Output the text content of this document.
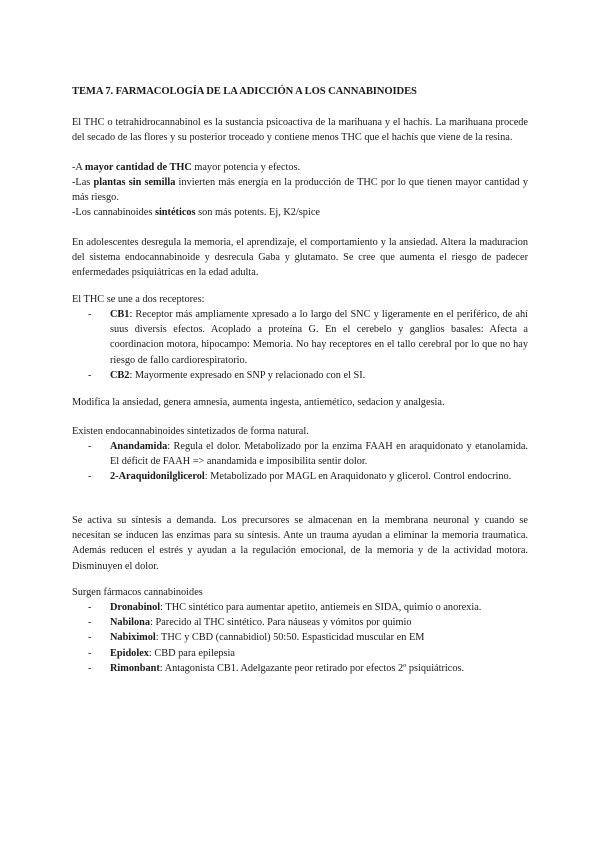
TEMA 7. FARMACOLOGÍA DE LA ADICCIÓN A LOS CANNABINOIDES

El THC o tetrahidrocannabinol es la sustancia psicoactiva de la marihuana y el hachís. La marihuana procede del secado de las flores y su posterior troceado y contiene menos THC que el hachís que viene de la resina.

-A mayor cantidad de THC mayor potencia y efectos.
-Las plantas sin semilla invierten más energía en la producción de THC por lo que tienen mayor cantidad y más riesgo.
-Los cannabinoides sintéticos son más potents. Ej, K2/spice

En adolescentes desregula la memoria, el aprendizaje, el comportamiento y la ansiedad. Altera la maduracion del sistema endocannabinoide y desrecula Gaba y glutamato. Se cree que aumenta el riesgo de padecer enfermedades psiquiátricas en la edad adulta.

El THC se une a dos receptores:
- CB1: Receptor más ampliamente xpresado a lo largo del SNC y ligeramente en el periférico, de ahí suus diversis efectos. Acoplado a proteína G. En el cerebelo y ganglios basales: Afecta a coordinacion motora, hipocampo: Memoria. No hay receptores en el tallo cerebral por lo que no hay riesgo de fallo cardiorespiratorio.
- CB2: Mayormente expresado en SNP y relacionado con el SI.

Modifica la ansiedad, genera amnesia, aumenta ingesta, antiemético, sedacion y analgesia.

Existen endocannabinoides sintetizados de forma natural.
- Anandamida: Regula el dolor. Metabolizado por la enzima FAAH en araquidonato y etanolamida. El déficit de FAAH => anandamida e imposibilita sentir dolor.
- 2-Araquidonilglicerol: Metabolizado por MAGL en Araquidonato y glicerol. Control endocrino.

Se activa su síntesis a demanda. Los precursores se almacenan en la membrana neuronal y cuando se necesitan se inducen las enzimas para su síntesis. Ante un trauma ayudan a eliminar la memoria traumatica. Además reducen el estrés y ayudan a la regulación emocional, de la memoria y de la actividad motora. Disminuyen el dolor.

Surgen fármacos cannabinoides
- Dronabinol: THC sintético para aumentar apetito, antiemeis en SIDA, quimio o anorexia.
- Nabilona: Parecido al THC sintético. Para náuseas y vómitos por quimio
- Nabiximol: THC y CBD (cannabidiol) 50:50. Espasticidad muscular en EM
- Epidolex: CBD para epilepsia
- Rimonbant: Antagonista CB1. Adelgazante peor retirado por efectos 2º psiquiátricos.
